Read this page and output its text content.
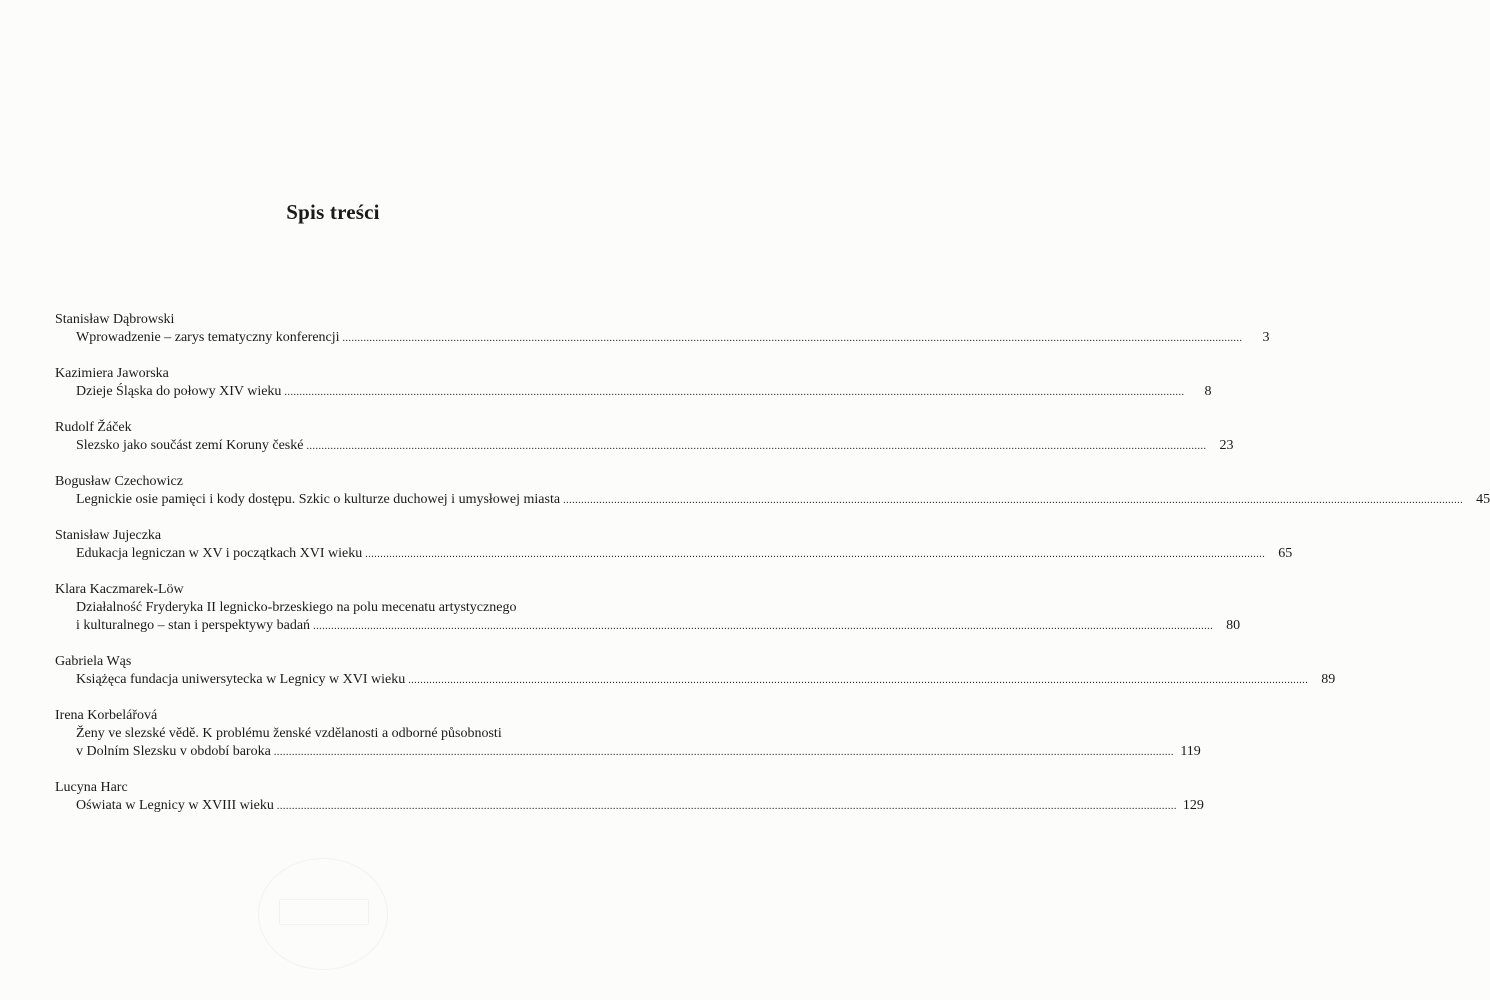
Spis treści
Stanisław Dąbrowski
Wprowadzenie – zarys tematyczny konferencji ............................................................................................................................................................................................................................................................................................................	3
Kazimiera Jaworska
Dzieje Śląska do połowy XIV wieku ............................................................................................................................................................................................................................................................................................................	8
Rudolf Žáček
Slezsko jako součást zemí Koruny české ............................................................................................................................................................................................................................................................................................................ 23
Bogusław Czechowicz
Legnickie osie pamięci i kody dostępu. Szkic o kulturze duchowej i umysłowej miasta ............................................................................................................................................................................................................................................................................................................ 45
Stanisław Jujeczka
Edukacja legniczan w XV i początkach XVI wieku ............................................................................................................................................................................................................................................................................................................ 65
Klara Kaczmarek-Löw
Działalność Fryderyka II legnicko-brzeskiego na polu mecenatu artystycznego
i kulturalnego – stan i perspektywy badań ............................................................................................................................................................................................................................................................................................................ 80
Gabriela Wąs
Książęca fundacja uniwersytecka w Legnicy w XVI wieku ............................................................................................................................................................................................................................................................................................................ 89
Irena Korbelářová
Ženy ve slezské vědě. K problému ženské vzdělanosti a odborné působnosti
v Dolním Slezsku v období baroka ............................................................................................................................................................................................................................................................................................................ 119
Lucyna Harc
Oświata w Legnicy w XVIII wieku ............................................................................................................................................................................................................................................................................................................ 129
